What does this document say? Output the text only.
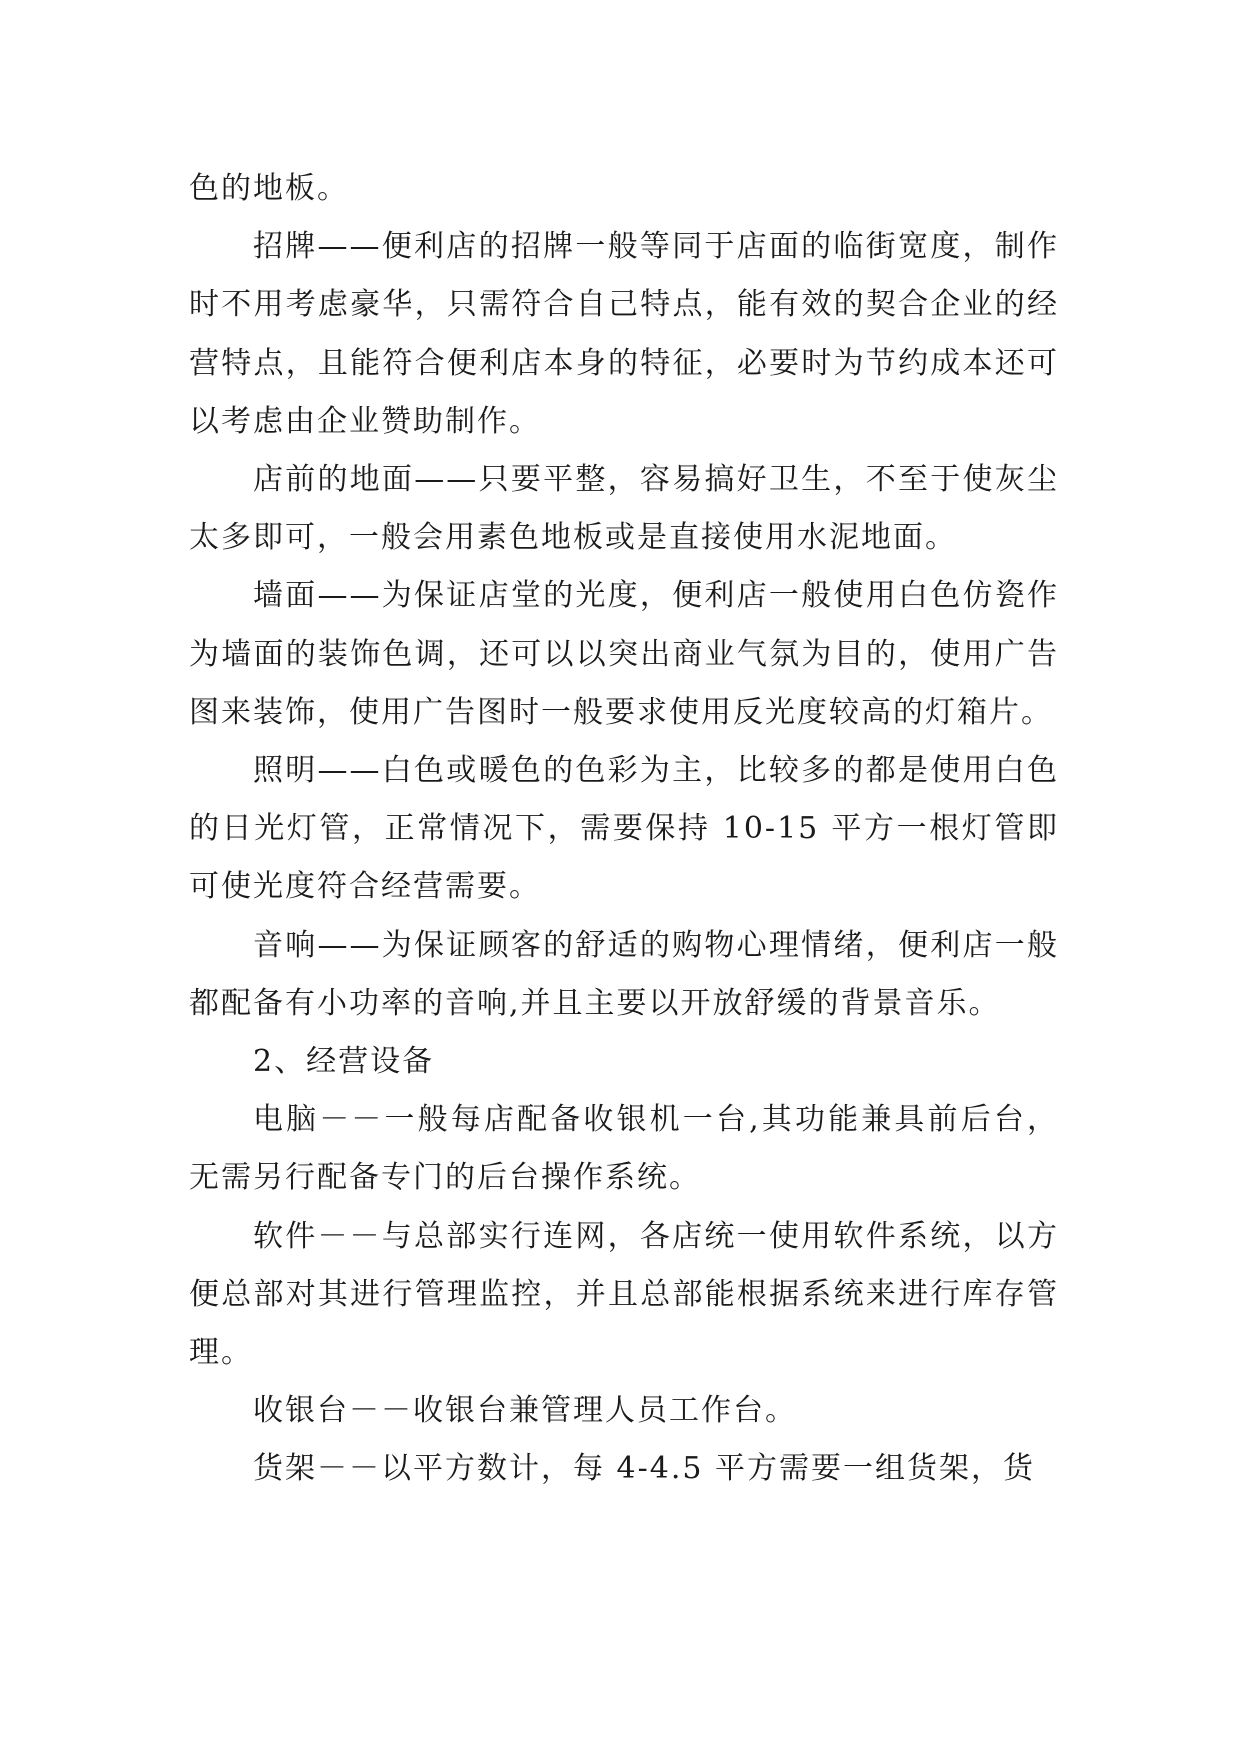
色的地板。

招牌——便利店的招牌一般等同于店面的临街宽度，制作时不用考虑豪华，只需符合自己特点，能有效的契合企业的经营特点，且能符合便利店本身的特征，必要时为节约成本还可以考虑由企业赞助制作。

店前的地面——只要平整，容易搞好卫生，不至于使灰尘太多即可，一般会用素色地板或是直接使用水泥地面。

墙面——为保证店堂的光度，便利店一般使用白色仿瓷作为墙面的装饰色调，还可以以突出商业气氛为目的，使用广告图来装饰，使用广告图时一般要求使用反光度较高的灯箱片。

照明——白色或暖色的色彩为主，比较多的都是使用白色的日光灯管，正常情况下，需要保持 10-15 平方一根灯管即可使光度符合经营需要。

音响——为保证顾客的舒适的购物心理情绪，便利店一般都配备有小功率的音响,并且主要以开放舒缓的背景音乐。

2、经营设备

电脑－－一般每店配备收银机一台,其功能兼具前后台，无需另行配备专门的后台操作系统。

软件－－与总部实行连网，各店统一使用软件系统，以方便总部对其进行管理监控，并且总部能根据系统来进行库存管理。

收银台－－收银台兼管理人员工作台。

货架－－以平方数计，每 4-4.5 平方需要一组货架，货
